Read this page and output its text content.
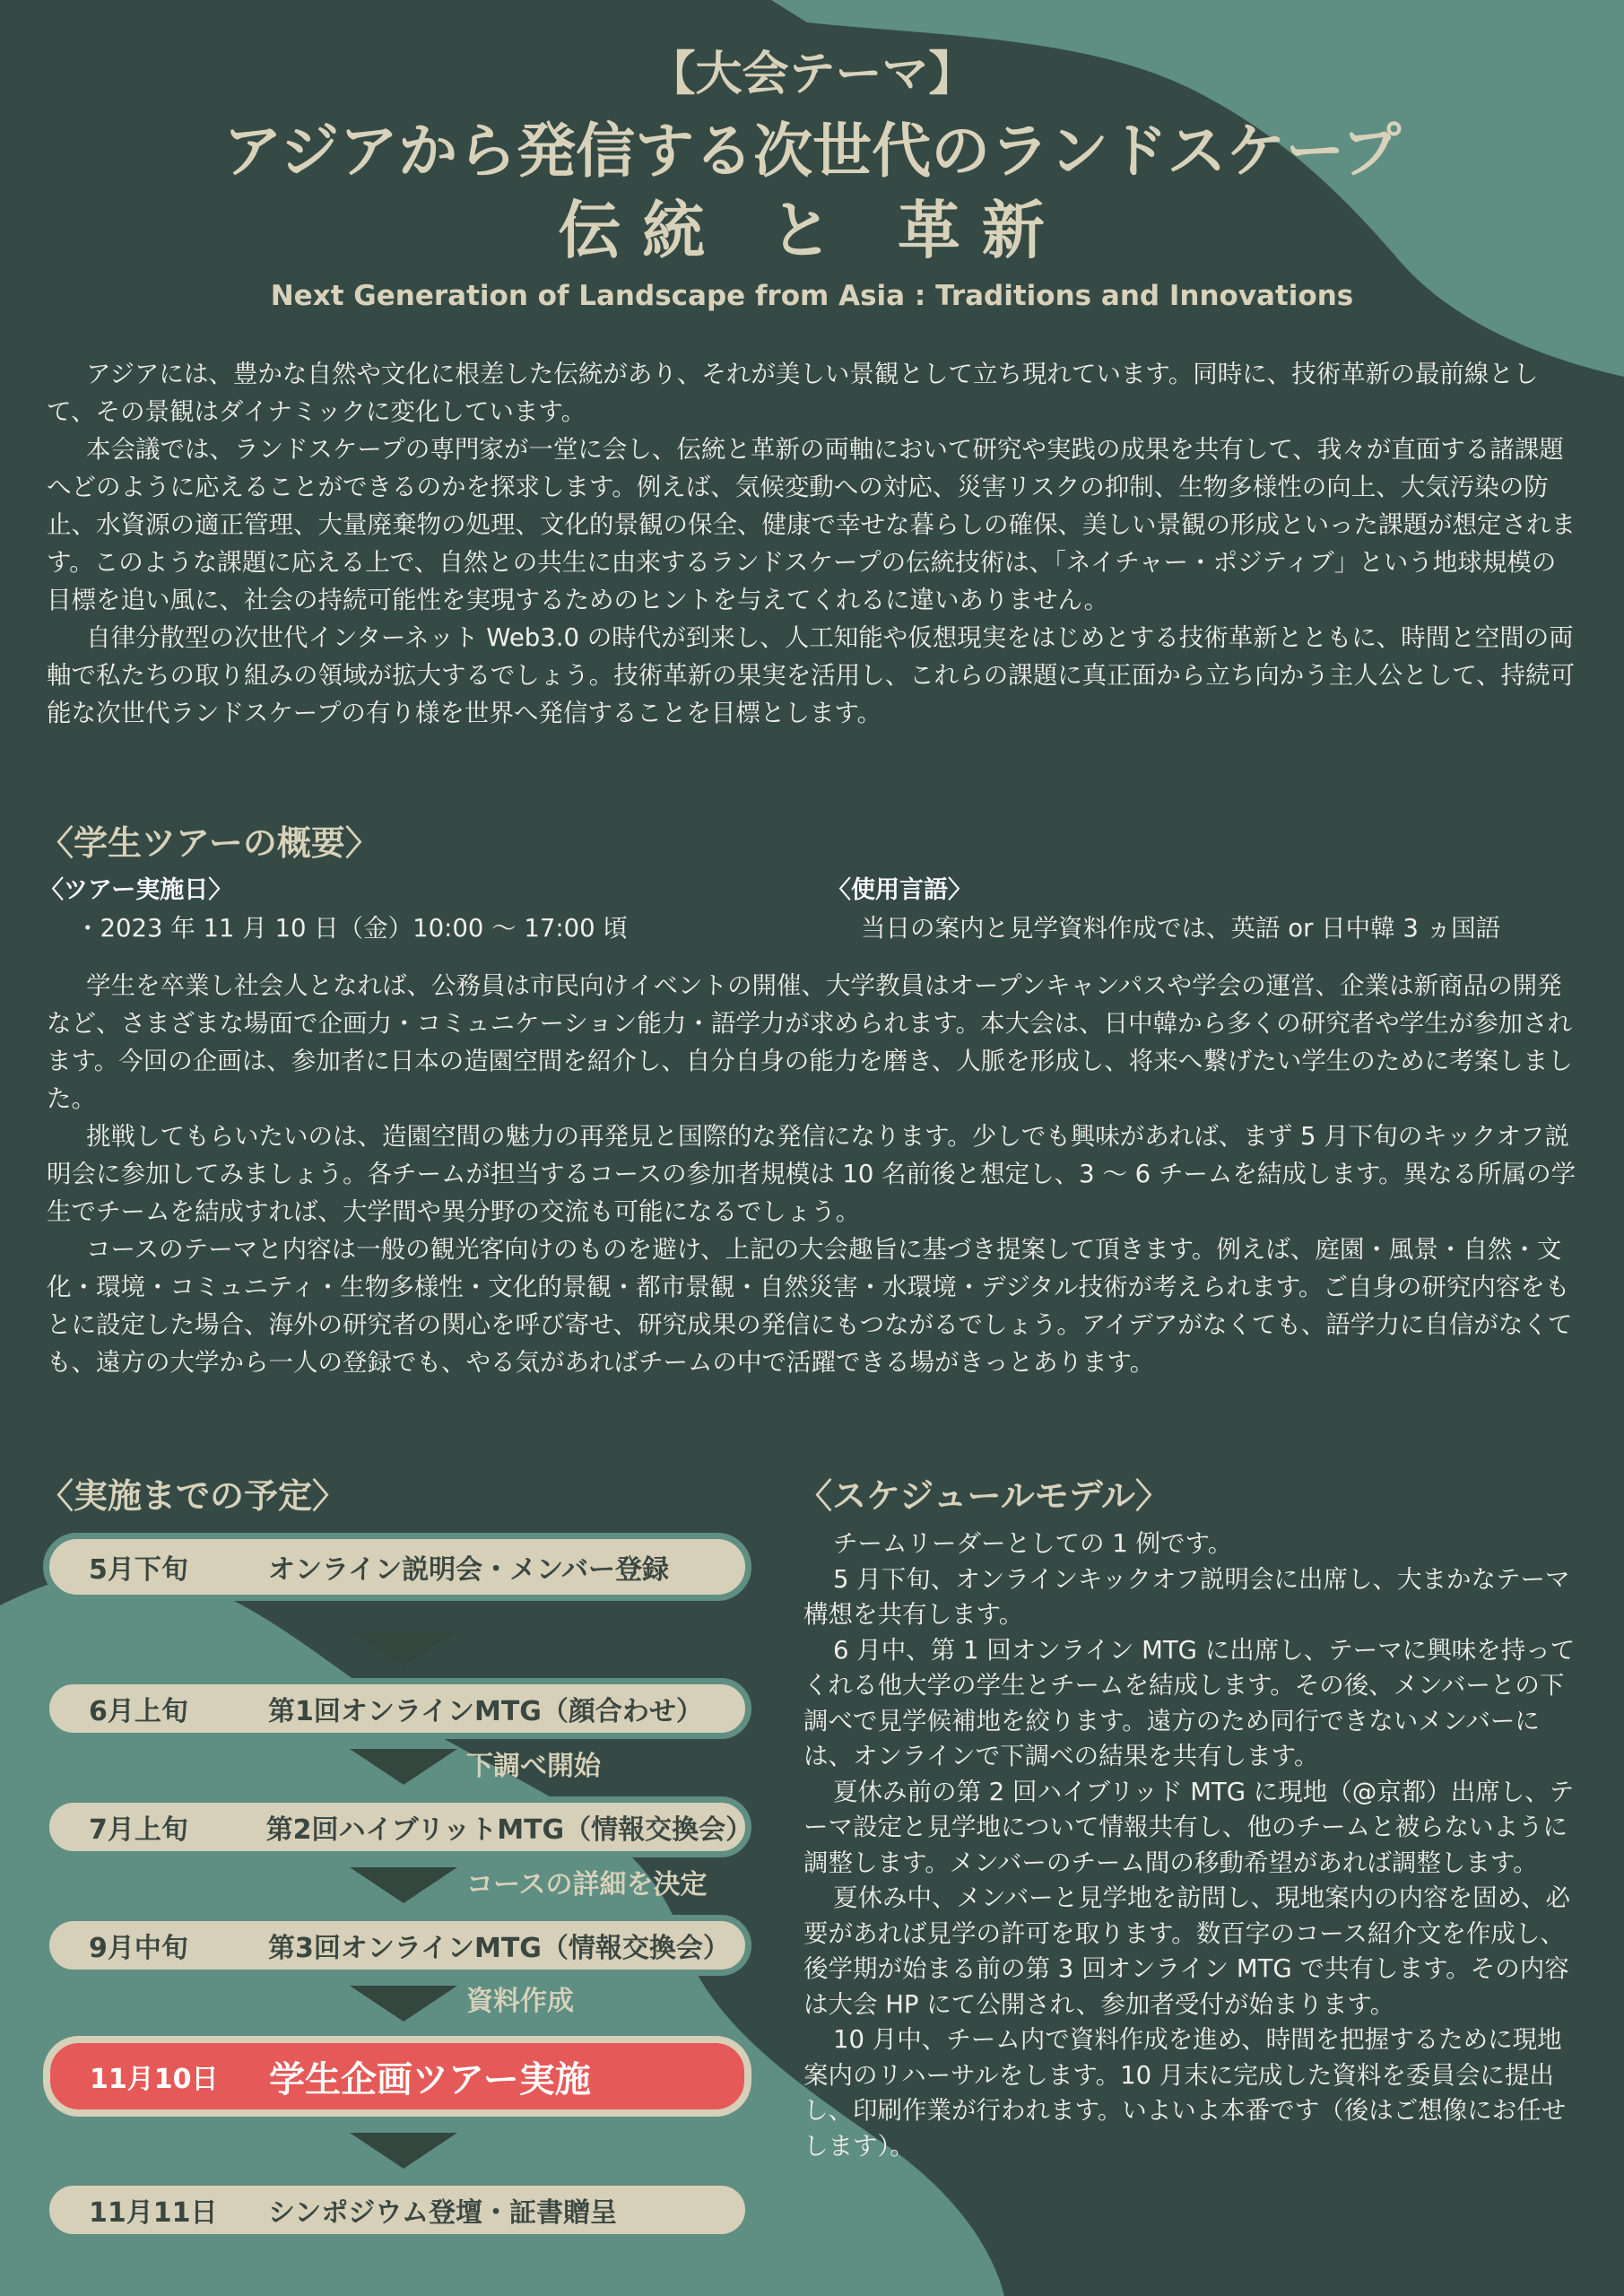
【大会テーマ】
アジアから発信する次世代のランドスケープ
伝統 と 革新
Next Generation of Landscape from Asia : Traditions and Innovations

アジアには、豊かな自然や文化に根差した伝統があり、それが美しい景観として立ち現れています。同時に、技術革新の最前線として、その景観はダイナミックに変化しています。

本会議では、ランドスケープの専門家が一堂に会し、伝統と革新の両軸において研究や実践の成果を共有して、我々が直面する諸課題へどのように応えることができるのかを探求します。例えば、気候変動への対応、災害リスクの抑制、生物多様性の向上、大気汚染の防止、水資源の適正管理、大量廃棄物の処理、文化的景観の保全、健康で幸せな暮らしの確保、美しい景観の形成といった課題が想定されます。このような課題に応える上で、自然との共生に由来するランドスケープの伝統技術は、「ネイチャー・ポジティブ」という地球規模の目標を追い風に、社会の持続可能性を実現するためのヒントを与えてくれるに違いありません。

自律分散型の次世代インターネット Web3.0 の時代が到来し、人工知能や仮想現実をはじめとする技術革新とともに、時間と空間の両軸で私たちの取り組みの領域が拡大するでしょう。技術革新の果実を活用し、これらの課題に真正面から立ち向かう主人公として、持続可能な次世代ランドスケープの有り様を世界へ発信することを目標とします。

〈学生ツアーの概要〉
〈ツアー実施日〉
・2023 年 11 月 10 日（金）10:00 〜 17:00 頃
〈使用言語〉
当日の案内と見学資料作成では、英語 or 日中韓 3 ヵ国語

学生を卒業し社会人となれば、公務員は市民向けイベントの開催、大学教員はオープンキャンパスや学会の運営、企業は新商品の開発など、さまざまな場面で企画力・コミュニケーション能力・語学力が求められます。本大会は、日中韓から多くの研究者や学生が参加されます。今回の企画は、参加者に日本の造園空間を紹介し、自分自身の能力を磨き、人脈を形成し、将来へ繋げたい学生のために考案しました。

挑戦してもらいたいのは、造園空間の魅力の再発見と国際的な発信になります。少しでも興味があれば、まず 5 月下旬のキックオフ説明会に参加してみましょう。各チームが担当するコースの参加者規模は 10 名前後と想定し、3 〜 6 チームを結成します。異なる所属の学生でチームを結成すれば、大学間や異分野の交流も可能になるでしょう。

コースのテーマと内容は一般の観光客向けのものを避け、上記の大会趣旨に基づき提案して頂きます。例えば、庭園・風景・自然・文化・環境・コミュニティ・生物多様性・文化的景観・都市景観・自然災害・水環境・デジタル技術が考えられます。ご自身の研究内容をもとに設定した場合、海外の研究者の関心を呼び寄せ、研究成果の発信にもつながるでしょう。アイデアがなくても、語学力に自信がなくても、遠方の大学から一人の登録でも、やる気があればチームの中で活躍できる場がきっとあります。

〈実施までの予定〉	〈スケジュールモデル〉
5月下旬	オンライン説明会・メンバー登録
6月上旬	第1回オンラインMTG（顔合わせ）
下調べ開始
7月上旬	第2回ハイブリットMTG（情報交換会）
コースの詳細を決定
9月中旬	第3回オンラインMTG（情報交換会）
資料作成
11月10日	学生企画ツアー実施
11月11日	シンポジウム登壇・証書贈呈

チームリーダーとしての 1 例です。

5 月下旬、オンラインキックオフ説明会に出席し、大まかなテーマ構想を共有します。

6 月中、第 1 回オンライン MTG に出席し、テーマに興味を持ってくれる他大学の学生とチームを結成します。その後、メンバーとの下調べで見学候補地を絞ります。遠方のため同行できないメンバーには、オンラインで下調べの結果を共有します。

夏休み前の第 2 回ハイブリッド MTG に現地（@京都）出席し、テーマ設定と見学地について情報共有し、他のチームと被らないように調整します。メンバーのチーム間の移動希望があれば調整します。

夏休み中、メンバーと見学地を訪問し、現地案内の内容を固め、必要があれば見学の許可を取ります。数百字のコース紹介文を作成し、後学期が始まる前の第 3 回オンライン MTG で共有します。その内容は大会 HP にて公開され、参加者受付が始まります。

10 月中、チーム内で資料作成を進め、時間を把握するために現地案内のリハーサルをします。10 月末に完成した資料を委員会に提出し、印刷作業が行われます。いよいよ本番です（後はご想像にお任せします）。
